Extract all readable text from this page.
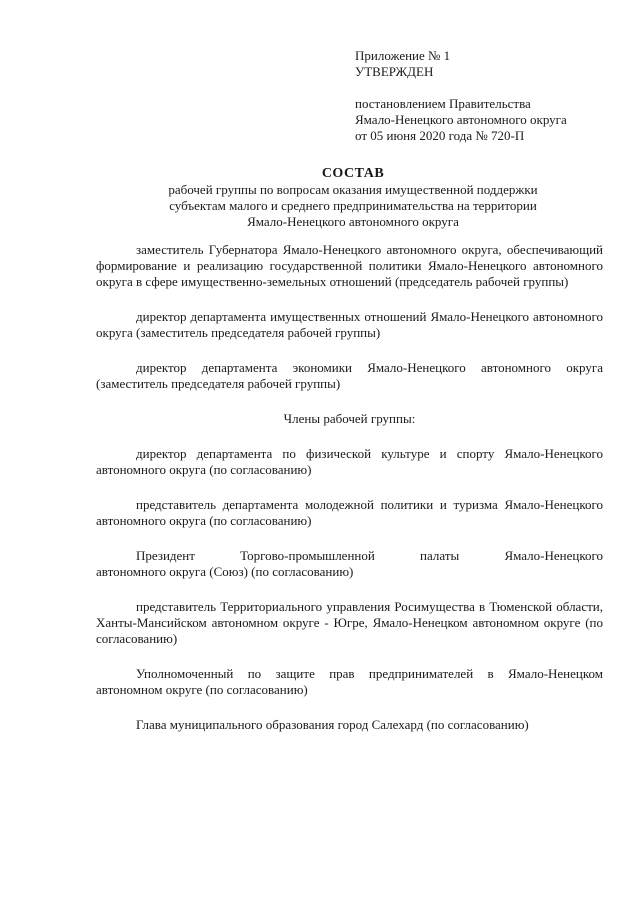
Приложение № 1
УТВЕРЖДЕН
постановлением Правительства
Ямало-Ненецкого автономного округа
от 05 июня 2020 года № 720-П
СОСТАВ
рабочей группы по вопросам оказания имущественной поддержки
субъектам малого и среднего предпринимательства на территории
Ямало-Ненецкого автономного округа

заместитель Губернатора Ямало-Ненецкого автономного округа, обеспечивающий формирование и реализацию государственной политики Ямало-Ненецкого автономного округа в сфере имущественно-земельных отношений (председатель рабочей группы)

директор департамента имущественных отношений Ямало-Ненецкого автономного округа (заместитель председателя рабочей группы)

директор департамента экономики Ямало-Ненецкого автономного округа (заместитель председателя рабочей группы)

Члены рабочей группы:

директор департамента по физической культуре и спорту Ямало-Ненецкого автономного округа (по согласованию)

представитель департамента молодежной политики и туризма Ямало-Ненецкого автономного округа (по согласованию)

Президент Торгово-промышленной палаты Ямало-Ненецкого

автономного округа (Союз) (по согласованию)

представитель Территориального управления Росимущества в Тюменской области, Ханты-Мансийском автономном округе - Югре, Ямало-Ненецком автономном округе (по согласованию)

Уполномоченный по защите прав предпринимателей в Ямало-Ненецком автономном округе (по согласованию)

Глава муниципального образования город Салехард (по согласованию)
